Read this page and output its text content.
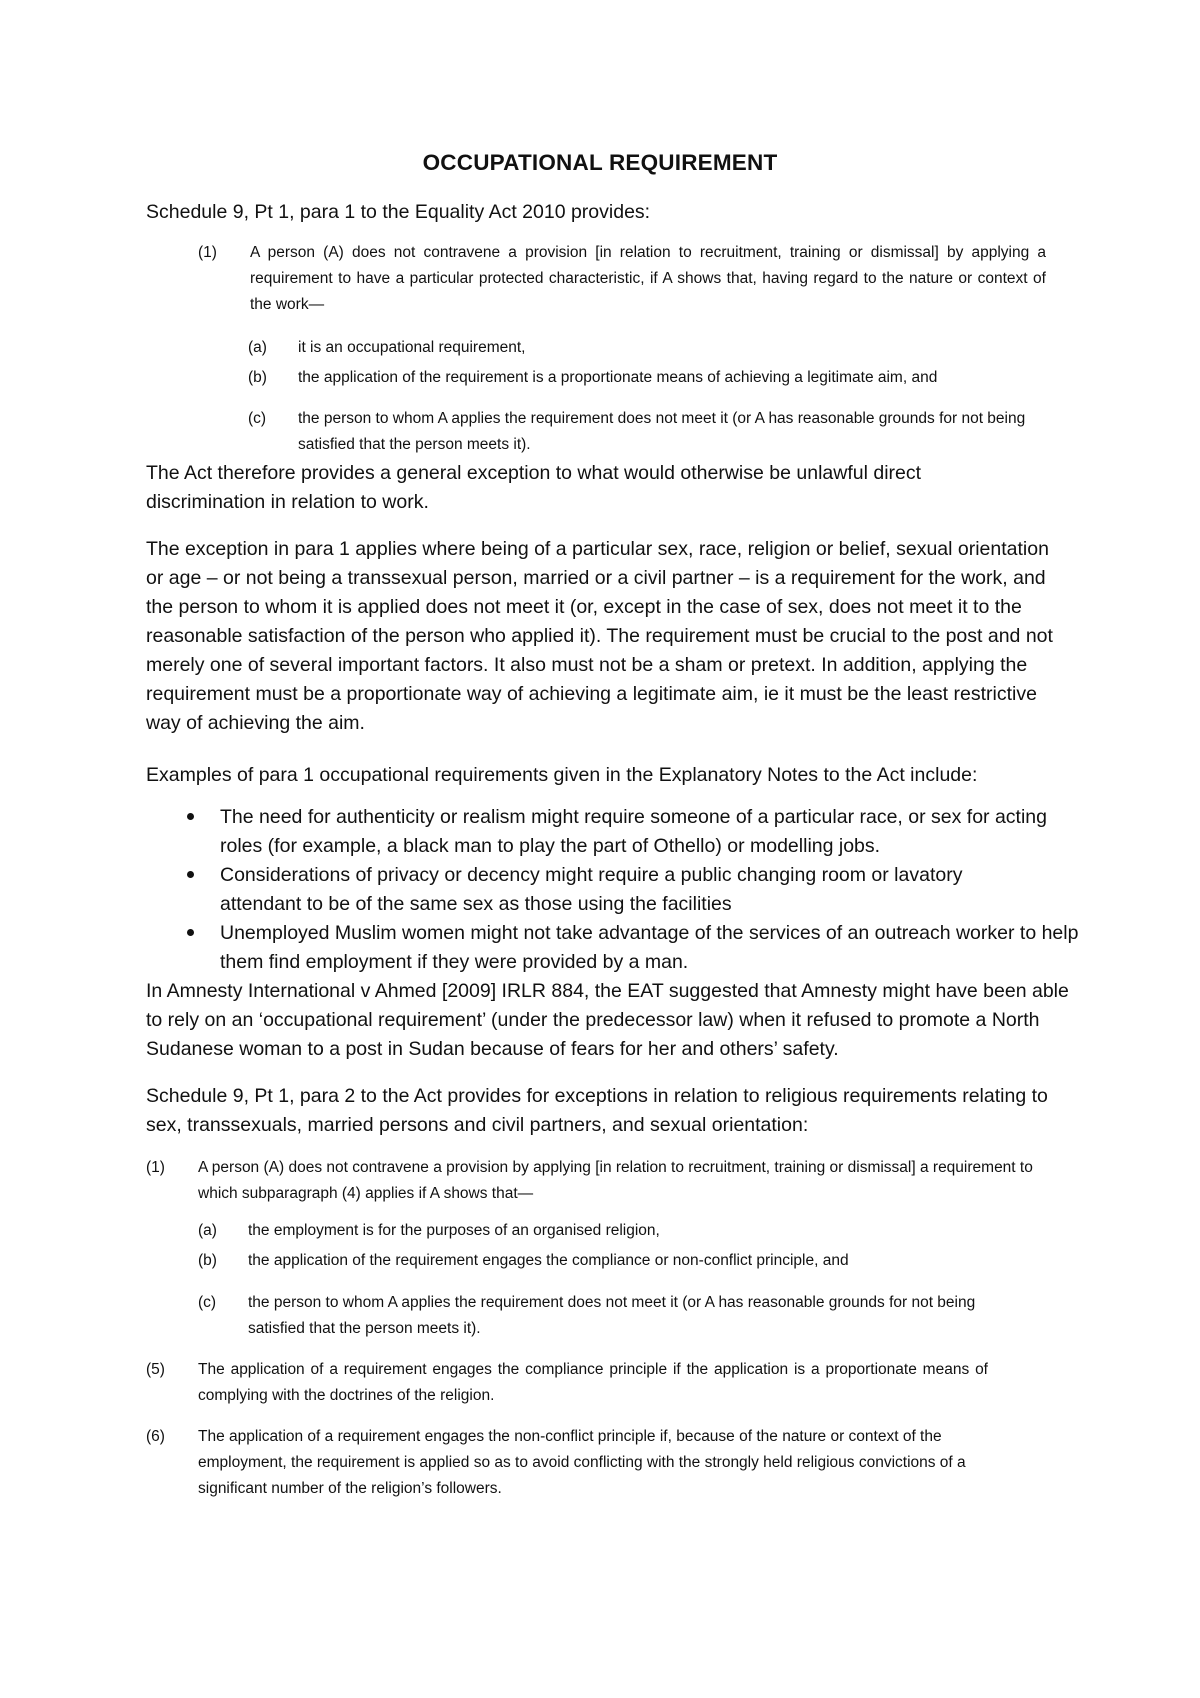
OCCUPATIONAL REQUIREMENT
Schedule 9, Pt 1, para 1 to the Equality Act 2010 provides:
(1) A person (A) does not contravene a provision [in relation to recruitment, training or dismissal] by applying a requirement to have a particular protected characteristic, if A shows that, having regard to the nature or context of the work—
(a) it is an occupational requirement,
(b) the application of the requirement is a proportionate means of achieving a legitimate aim, and
(c) the person to whom A applies the requirement does not meet it (or A has reasonable grounds for not being satisfied that the person meets it).
The Act therefore provides a general exception to what would otherwise be unlawful direct discrimination in relation to work.
The exception in para 1 applies where being of a particular sex, race, religion or belief, sexual orientation or age – or not being a transsexual person, married or a civil partner – is a requirement for the work, and the person to whom it is applied does not meet it (or, except in the case of sex, does not meet it to the reasonable satisfaction of the person who applied it). The requirement must be crucial to the post and not merely one of several important factors. It also must not be a sham or pretext. In addition, applying the requirement must be a proportionate way of achieving a legitimate aim, ie it must be the least restrictive way of achieving the aim.
Examples of para 1 occupational requirements given in the Explanatory Notes to the Act include:
The need for authenticity or realism might require someone of a particular race, or sex for acting roles (for example, a black man to play the part of Othello) or modelling jobs.
Considerations of privacy or decency might require a public changing room or lavatory attendant to be of the same sex as those using the facilities
Unemployed Muslim women might not take advantage of the services of an outreach worker to help them find employment if they were provided by a man.
In Amnesty International v Ahmed [2009] IRLR 884, the EAT suggested that Amnesty might have been able to rely on an ‘occupational requirement’ (under the predecessor law) when it refused to promote a North Sudanese woman to a post in Sudan because of fears for her and others’ safety.
Schedule 9, Pt 1, para 2 to the Act provides for exceptions in relation to religious requirements relating to sex, transsexuals, married persons and civil partners, and sexual orientation:
(1) A person (A) does not contravene a provision by applying [in relation to recruitment, training or dismissal] a requirement to which subparagraph (4) applies if A shows that—
(a) the employment is for the purposes of an organised religion,
(b) the application of the requirement engages the compliance or non-conflict principle, and
(c) the person to whom A applies the requirement does not meet it (or A has reasonable grounds for not being satisfied that the person meets it).
(5) The application of a requirement engages the compliance principle if the application is a proportionate means of complying with the doctrines of the religion.
(6) The application of a requirement engages the non-conflict principle if, because of the nature or context of the employment, the requirement is applied so as to avoid conflicting with the strongly held religious convictions of a significant number of the religion’s followers.
